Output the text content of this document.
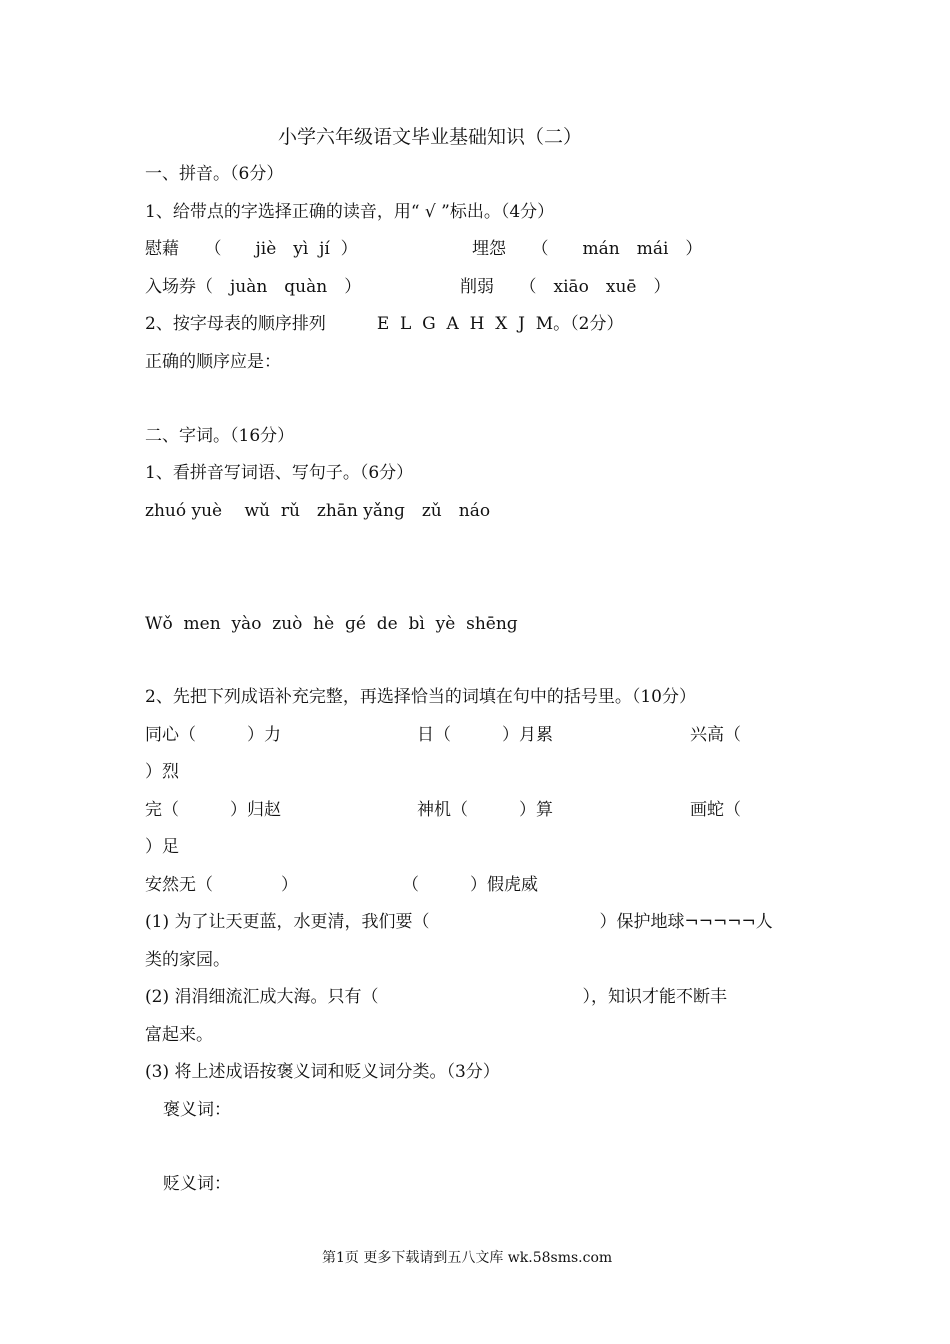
小学六年级语文毕业基础知识（二）
一、拼音。（6分）
1、给带点的字选择正确的读音，用“ √ ”标出。（4分）
慰藉　　（　　jiè　yì  jí  ）	埋怨　　（　　mán　mái　）
入场券（　juàn　quàn　）	削弱　　（　xiāo　xuē　）
2、按字母表的顺序排列　　　E  L  G  A  H  X  J  M。（2分）
正确的顺序应是：
二、字词。（16分）
1、看拼音写词语、写句子。（6分）
zhuó yuè　 wǔ  rǔ　zhān yǎnɡ　zǔ　náo
Wǒ  men  yào  zuò  hè  ɡé  de  bì  yè  shēnɡ
2、先把下列成语补充完整，再选择恰当的词填在句中的括号里。（10分）
同心（　　　）力	日（　　　）月累	兴高（
）烈
完（　　　）归赵	神机（　　　）算	画蛇（
）足
安然无（　　　　）	（　　　）假虎威
(1) 为了让天更蓝，水更清，我们要（　　　　　　　　　　）保护地球¬¬¬¬¬人
类的家园。
(2) 涓涓细流汇成大海。只有（　　　　　　　　　　　　），知识才能不断丰
富起来。
(3) 将上述成语按褒义词和贬义词分类。（3分）
褒义词：
贬义词：
第1页 更多下载请到五八文库 wk.58sms.com
